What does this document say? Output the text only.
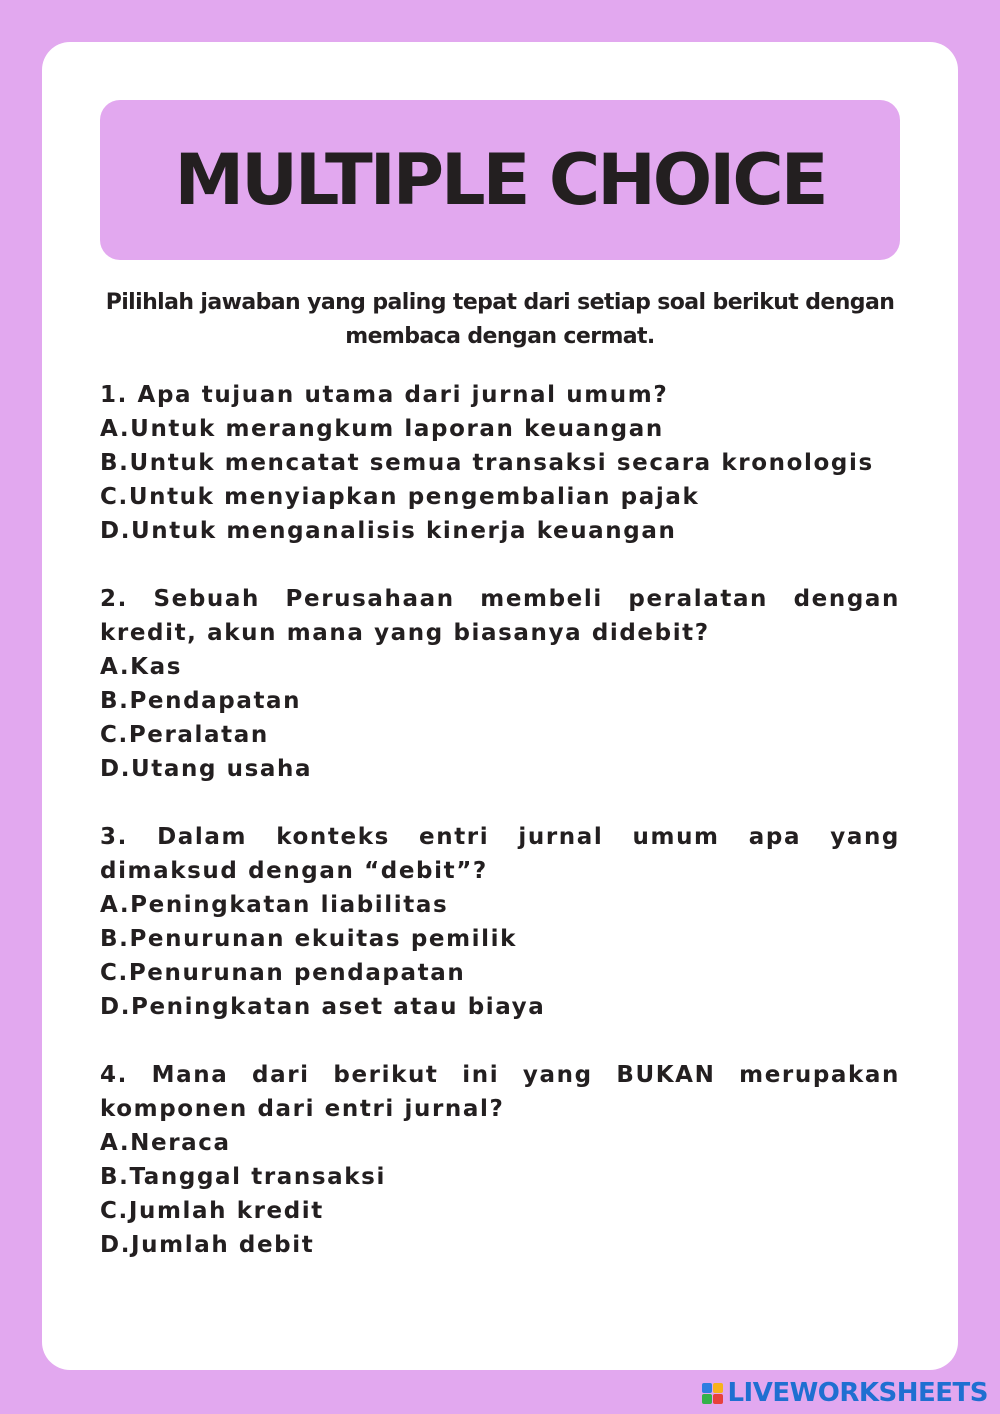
MULTIPLE CHOICE

Pilihlah jawaban yang paling tepat dari setiap soal berikut dengan membaca dengan cermat.

1. Apa tujuan utama dari jurnal umum?

A.Untuk merangkum laporan keuangan

B.Untuk mencatat semua transaksi secara kronologis

C.Untuk menyiapkan pengembalian pajak

D.Untuk menganalisis kinerja keuangan

2. Sebuah Perusahaan membeli peralatan dengan kredit, akun mana yang biasanya didebit?

A.Kas

B.Pendapatan

C.Peralatan

D.Utang usaha

3. Dalam konteks entri jurnal umum apa yang dimaksud dengan “debit”?

A.Peningkatan liabilitas

B.Penurunan ekuitas pemilik

C.Penurunan pendapatan

D.Peningkatan aset atau biaya

4. Mana dari berikut ini yang BUKAN merupakan komponen dari entri jurnal?

A.Neraca

B.Tanggal transaksi

C.Jumlah kredit

D.Jumlah debit

LIVEWORKSHEETS
